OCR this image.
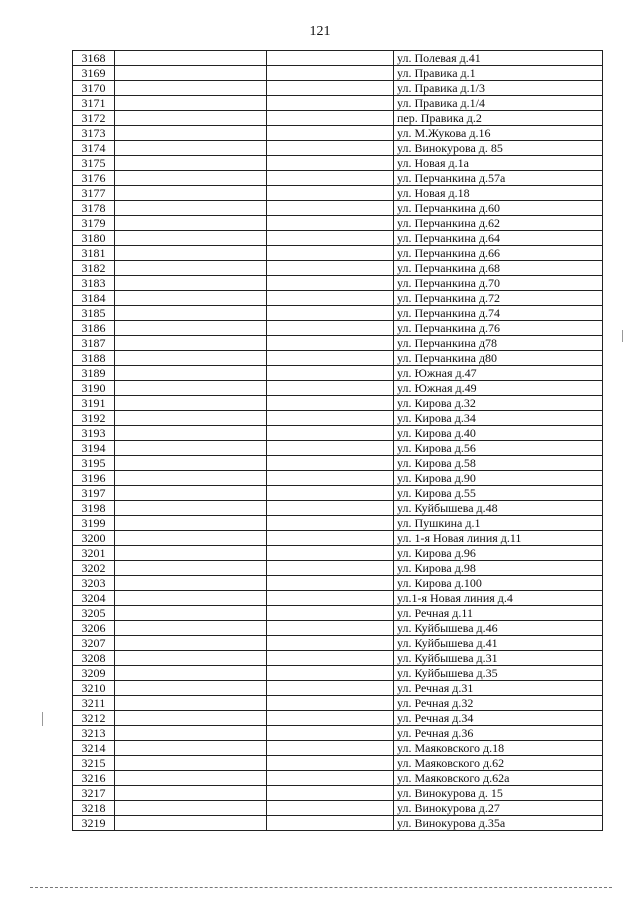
121
3168			ул. Полевая д.41
3169			ул. Правика д.1
3170			ул. Правика д.1/3
3171			ул. Правика д.1/4
3172			пер. Правика д.2
3173			ул. М.Жукова д.16
3174			ул. Винокурова д. 85
3175			ул. Новая д.1а
3176			ул. Перчанкина д.57а
3177			ул. Новая д.18
3178			ул. Перчанкина д.60
3179			ул. Перчанкина д.62
3180			ул. Перчанкина д.64
3181			ул. Перчанкина д.66
3182			ул. Перчанкина д.68
3183			ул. Перчанкина д.70
3184			ул. Перчанкина д.72
3185			ул. Перчанкина д.74
3186			ул. Перчанкина д.76
3187			ул. Перчанкина д78
3188			ул. Перчанкина д80
3189			ул. Южная д.47
3190			ул. Южная д.49
3191			ул. Кирова д.32
3192			ул. Кирова д.34
3193			ул. Кирова д.40
3194			ул. Кирова д.56
3195			ул. Кирова д.58
3196			ул. Кирова д.90
3197			ул. Кирова д.55
3198			ул. Куйбышева д.48
3199			ул. Пушкина д.1
3200			ул. 1-я Новая линия д.11
3201			ул. Кирова д.96
3202			ул. Кирова д.98
3203			ул. Кирова д.100
3204			ул.1-я Новая линия д.4
3205			ул. Речная д.11
3206			ул. Куйбышева д.46
3207			ул. Куйбышева д.41
3208			ул. Куйбышева д.31
3209			ул. Куйбышева д.35
3210			ул. Речная д.31
3211			ул. Речная д.32
3212			ул. Речная д.34
3213			ул. Речная д.36
3214			ул. Маяковского д.18
3215			ул. Маяковского д.62
3216			ул. Маяковского д.62а
3217			ул. Винокурова д. 15
3218			ул. Винокурова д.27
3219			ул. Винокурова д.35а
